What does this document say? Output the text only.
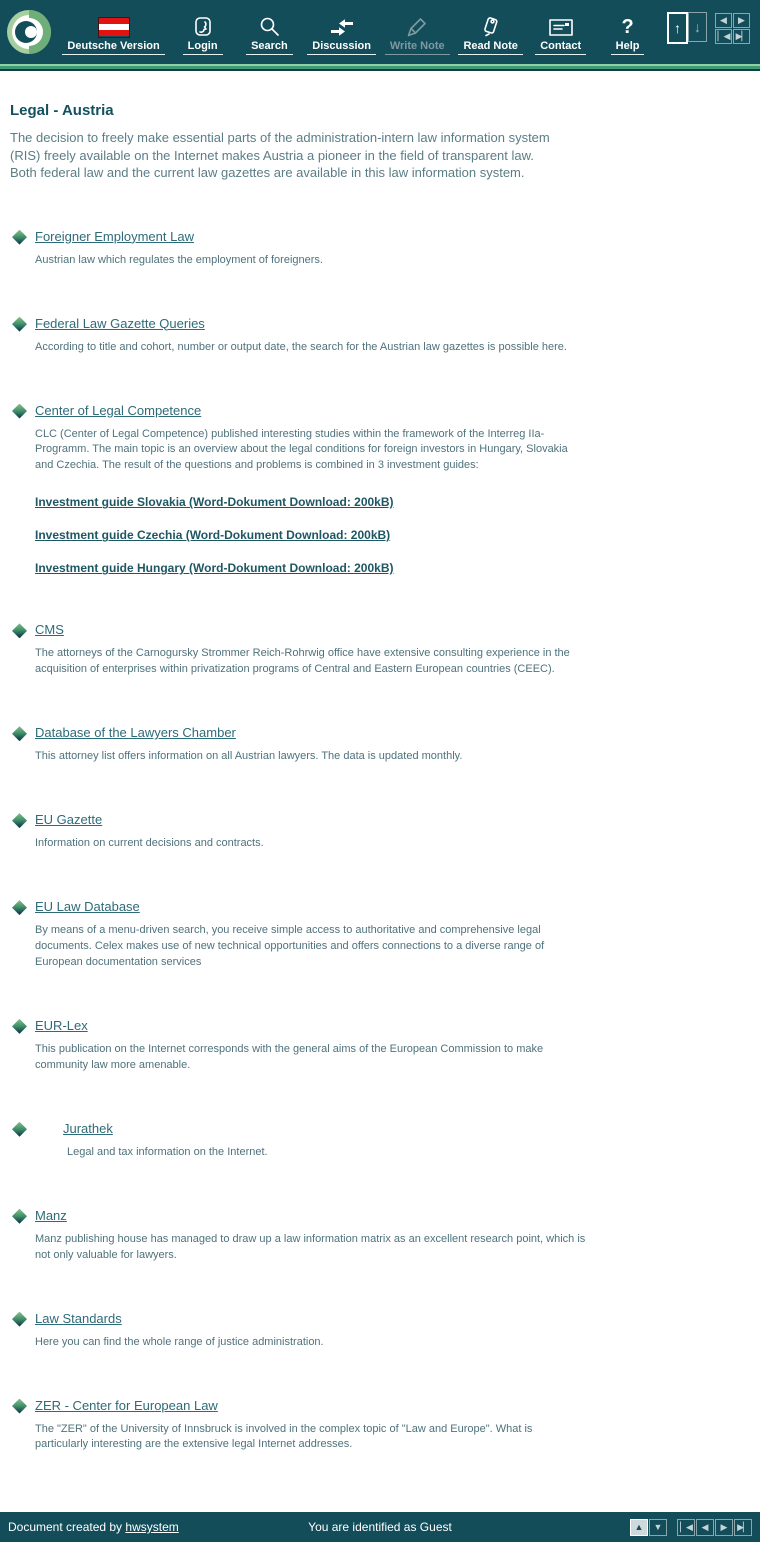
Deutsche Version	Login	Search	Discussion	Write Note	Read Note	Contact
?
Help
↑ ↓	◀	▶
▏◀ ▶▏
Legal - Austria

The decision to freely make essential parts of the administration-intern law information system (RIS) freely available on the Internet makes Austria a pioneer in the field of transparent law. Both federal law and the current law gazettes are available in this law information system.

Foreigner Employment Law
Austrian law which regulates the employment of foreigners.
Federal Law Gazette Queries
According to title and cohort, number or output date, the search for the Austrian law gazettes is possible here.
Center of Legal Competence
CLC (Center of Legal Competence) published interesting studies within the framework of the Interreg IIa-Programm. The main topic is an overview about the legal conditions for foreign investors in Hungary, Slovakia and Czechia. The result of the questions and problems is combined in 3 investment guides:
Investment guide Slovakia (Word-Dokument Download: 200kB)
Investment guide Czechia (Word-Dokument Download: 200kB)
Investment guide Hungary (Word-Dokument Download: 200kB)
CMS
The attorneys of the Carnogursky Strommer Reich-Rohrwig office have extensive consulting experience in the acquisition of enterprises within privatization programs of Central and Eastern European countries (CEEC).
Database of the Lawyers Chamber
This attorney list offers information on all Austrian lawyers. The data is updated monthly.
EU Gazette
Information on current decisions and contracts.
EU Law Database
By means of a menu-driven search, you receive simple access to authoritative and comprehensive legal documents. Celex makes use of new technical opportunities and offers connections to a diverse range of European documentation services
EUR-Lex
This publication on the Internet corresponds with the general aims of the European Commission to make community law more amenable.
Jurathek
Legal and tax information on the Internet.
Manz
Manz publishing house has managed to draw up a law information matrix as an excellent research point, which is not only valuable for lawyers.
Law Standards
Here you can find the whole range of justice administration.
ZER - Center for European Law
The "ZER" of the University of Innsbruck is involved in the complex topic of "Law and Europe". What is particularly interesting are the extensive legal Internet addresses.
Document created by hwsystem	You are identified as Guest	▲	▼	▏◀	◀	▶	▶▏
